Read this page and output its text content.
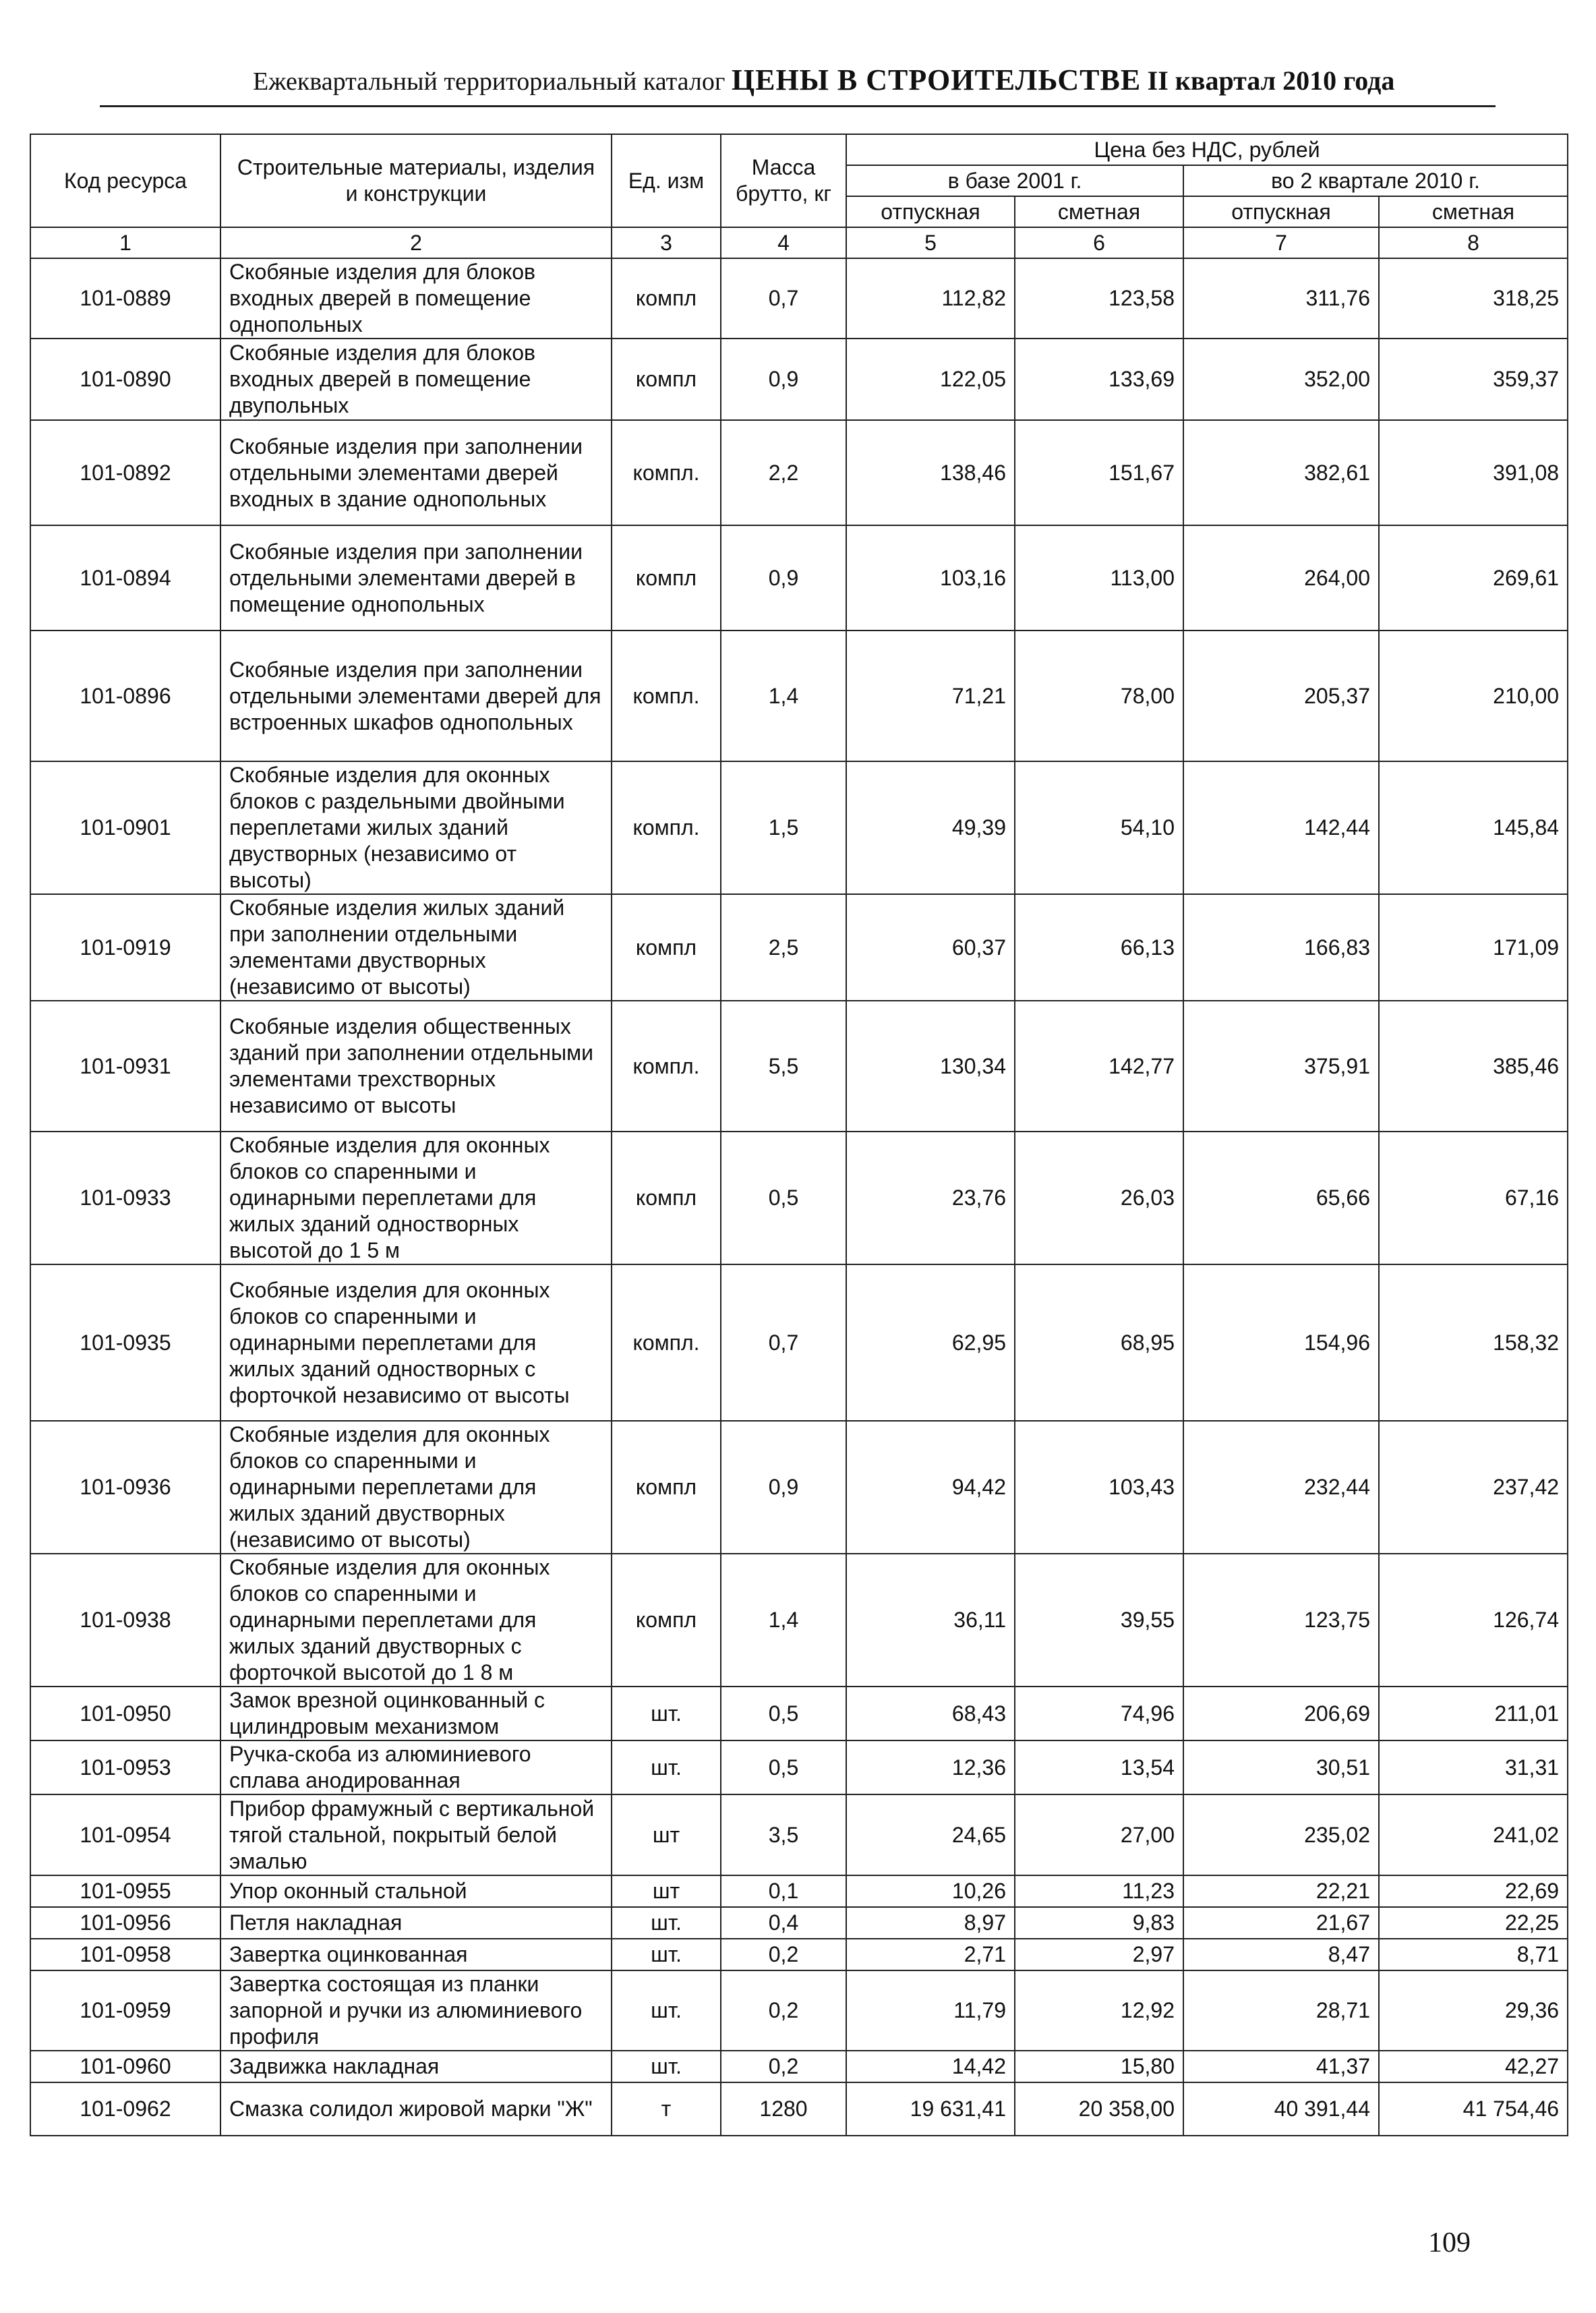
Ежеквартальный территориальный каталог ЦЕНЫ В СТРОИТЕЛЬСТВЕ II квартал 2010 года
Код ресурса	Строительные материалы, изделия и конструкции	Ед. изм	Масса брутто, кг	Цена без НДС, рублей			
				в базе 2001 г.		во 2 квартале 2010 г.	
				отпускная	сметная	отпускная	сметная
1	2	3	4	5	6	7	8
101-0889	Скобяные изделия для блоков входных дверей в помещение однопольных	компл	0,7	112,82	123,58	311,76	318,25
101-0890	Скобяные изделия для блоков входных дверей в помещение двупольных	компл	0,9	122,05	133,69	352,00	359,37
101-0892	Скобяные изделия при заполнении отдельными элементами дверей входных в здание однопольных	компл.	2,2	138,46	151,67	382,61	391,08
101-0894	Скобяные изделия при заполнении отдельными элементами дверей в помещение однопольных	компл	0,9	103,16	113,00	264,00	269,61
101-0896	Скобяные изделия при заполнении отдельными элементами дверей для встроенных шкафов однопольных	компл.	1,4	71,21	78,00	205,37	210,00
101-0901	Скобяные изделия для оконных блоков с раздельными двойными переплетами жилых зданий двустворных (независимо от высоты)	компл.	1,5	49,39	54,10	142,44	145,84
101-0919	Скобяные изделия жилых зданий при заполнении отдельными элементами двустворных (независимо от высоты)	компл	2,5	60,37	66,13	166,83	171,09
101-0931	Скобяные изделия общественных зданий при заполнении отдельными элементами трехстворных независимо от высоты	компл.	5,5	130,34	142,77	375,91	385,46
101-0933	Скобяные изделия для оконных блоков со спаренными и одинарными переплетами для жилых зданий одностворных высотой до 1 5 м	компл	0,5	23,76	26,03	65,66	67,16
101-0935	Скобяные изделия для оконных блоков со спаренными и одинарными переплетами для жилых зданий одностворных с форточкой независимо от высоты	компл.	0,7	62,95	68,95	154,96	158,32
101-0936	Скобяные изделия для оконных блоков со спаренными и одинарными переплетами для жилых зданий двустворных (независимо от высоты)	компл	0,9	94,42	103,43	232,44	237,42
101-0938	Скобяные изделия для оконных блоков со спаренными и одинарными переплетами для жилых зданий двустворных с форточкой высотой до 1 8 м	компл	1,4	36,11	39,55	123,75	126,74
101-0950	Замок врезной оцинкованный с цилиндровым механизмом	шт.	0,5	68,43	74,96	206,69	211,01
101-0953	Ручка-скоба из алюминиевого сплава анодированная	шт.	0,5	12,36	13,54	30,51	31,31
101-0954	Прибор фрамужный с вертикальной тягой стальной, покрытый белой эмалью	шт	3,5	24,65	27,00	235,02	241,02
101-0955	Упор оконный стальной	шт	0,1	10,26	11,23	22,21	22,69
101-0956	Петля накладная	шт.	0,4	8,97	9,83	21,67	22,25
101-0958	Завертка оцинкованная	шт.	0,2	2,71	2,97	8,47	8,71
101-0959	Завертка состоящая из планки запорной и ручки из алюминиевого профиля	шт.	0,2	11,79	12,92	28,71	29,36
101-0960	Задвижка накладная	шт.	0,2	14,42	15,80	41,37	42,27
101-0962	Смазка солидол жировой марки "Ж"	т	1280	19 631,41	20 358,00	40 391,44	41 754,46
109
